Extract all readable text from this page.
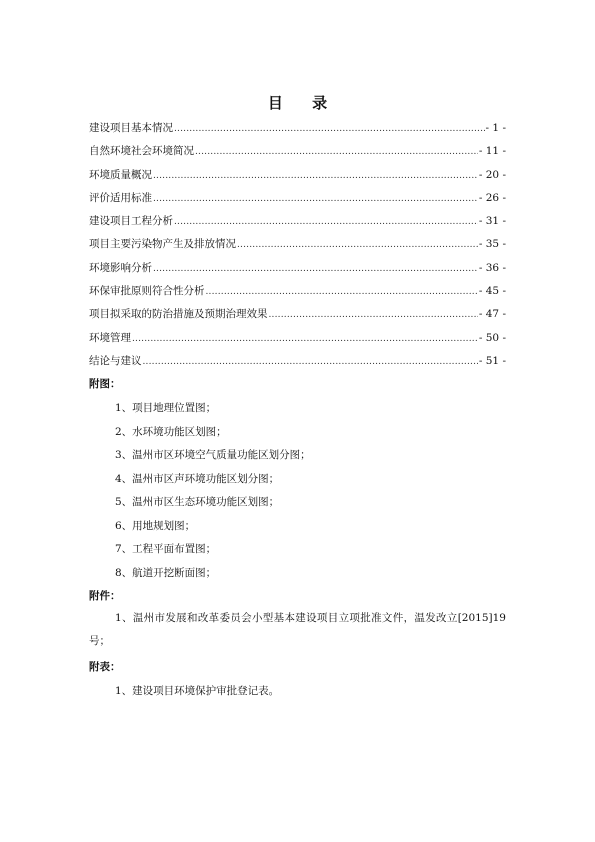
目 录
建设项目基本情况 .....	- 1 -
自然环境社会环境简况 .....	- 11 -
环境质量概况 .....	- 20 -
评价适用标准 .....	- 26 -
建设项目工程分析 .....	- 31 -
项目主要污染物产生及排放情况 .....	- 35 -
环境影响分析 .....	- 36 -
环保审批原则符合性分析 .....	- 45 -
项目拟采取的防治措施及预期治理效果 .....	- 47 -
环境管理 .....	- 50 -
结论与建议 .....	- 51 -
附图：
1、项目地理位置图；
2、水环境功能区划图；
3、温州市区环境空气质量功能区划分图；
4、温州市区声环境功能区划分图；
5、温州市区生态环境功能区划图；
6、用地规划图；
7、工程平面布置图；
8、航道开挖断面图；
附件：
1、温州市发展和改革委员会小型基本建设项目立项批准文件，温发改立[2015]19 号；
附表：
1、建设项目环境保护审批登记表。
